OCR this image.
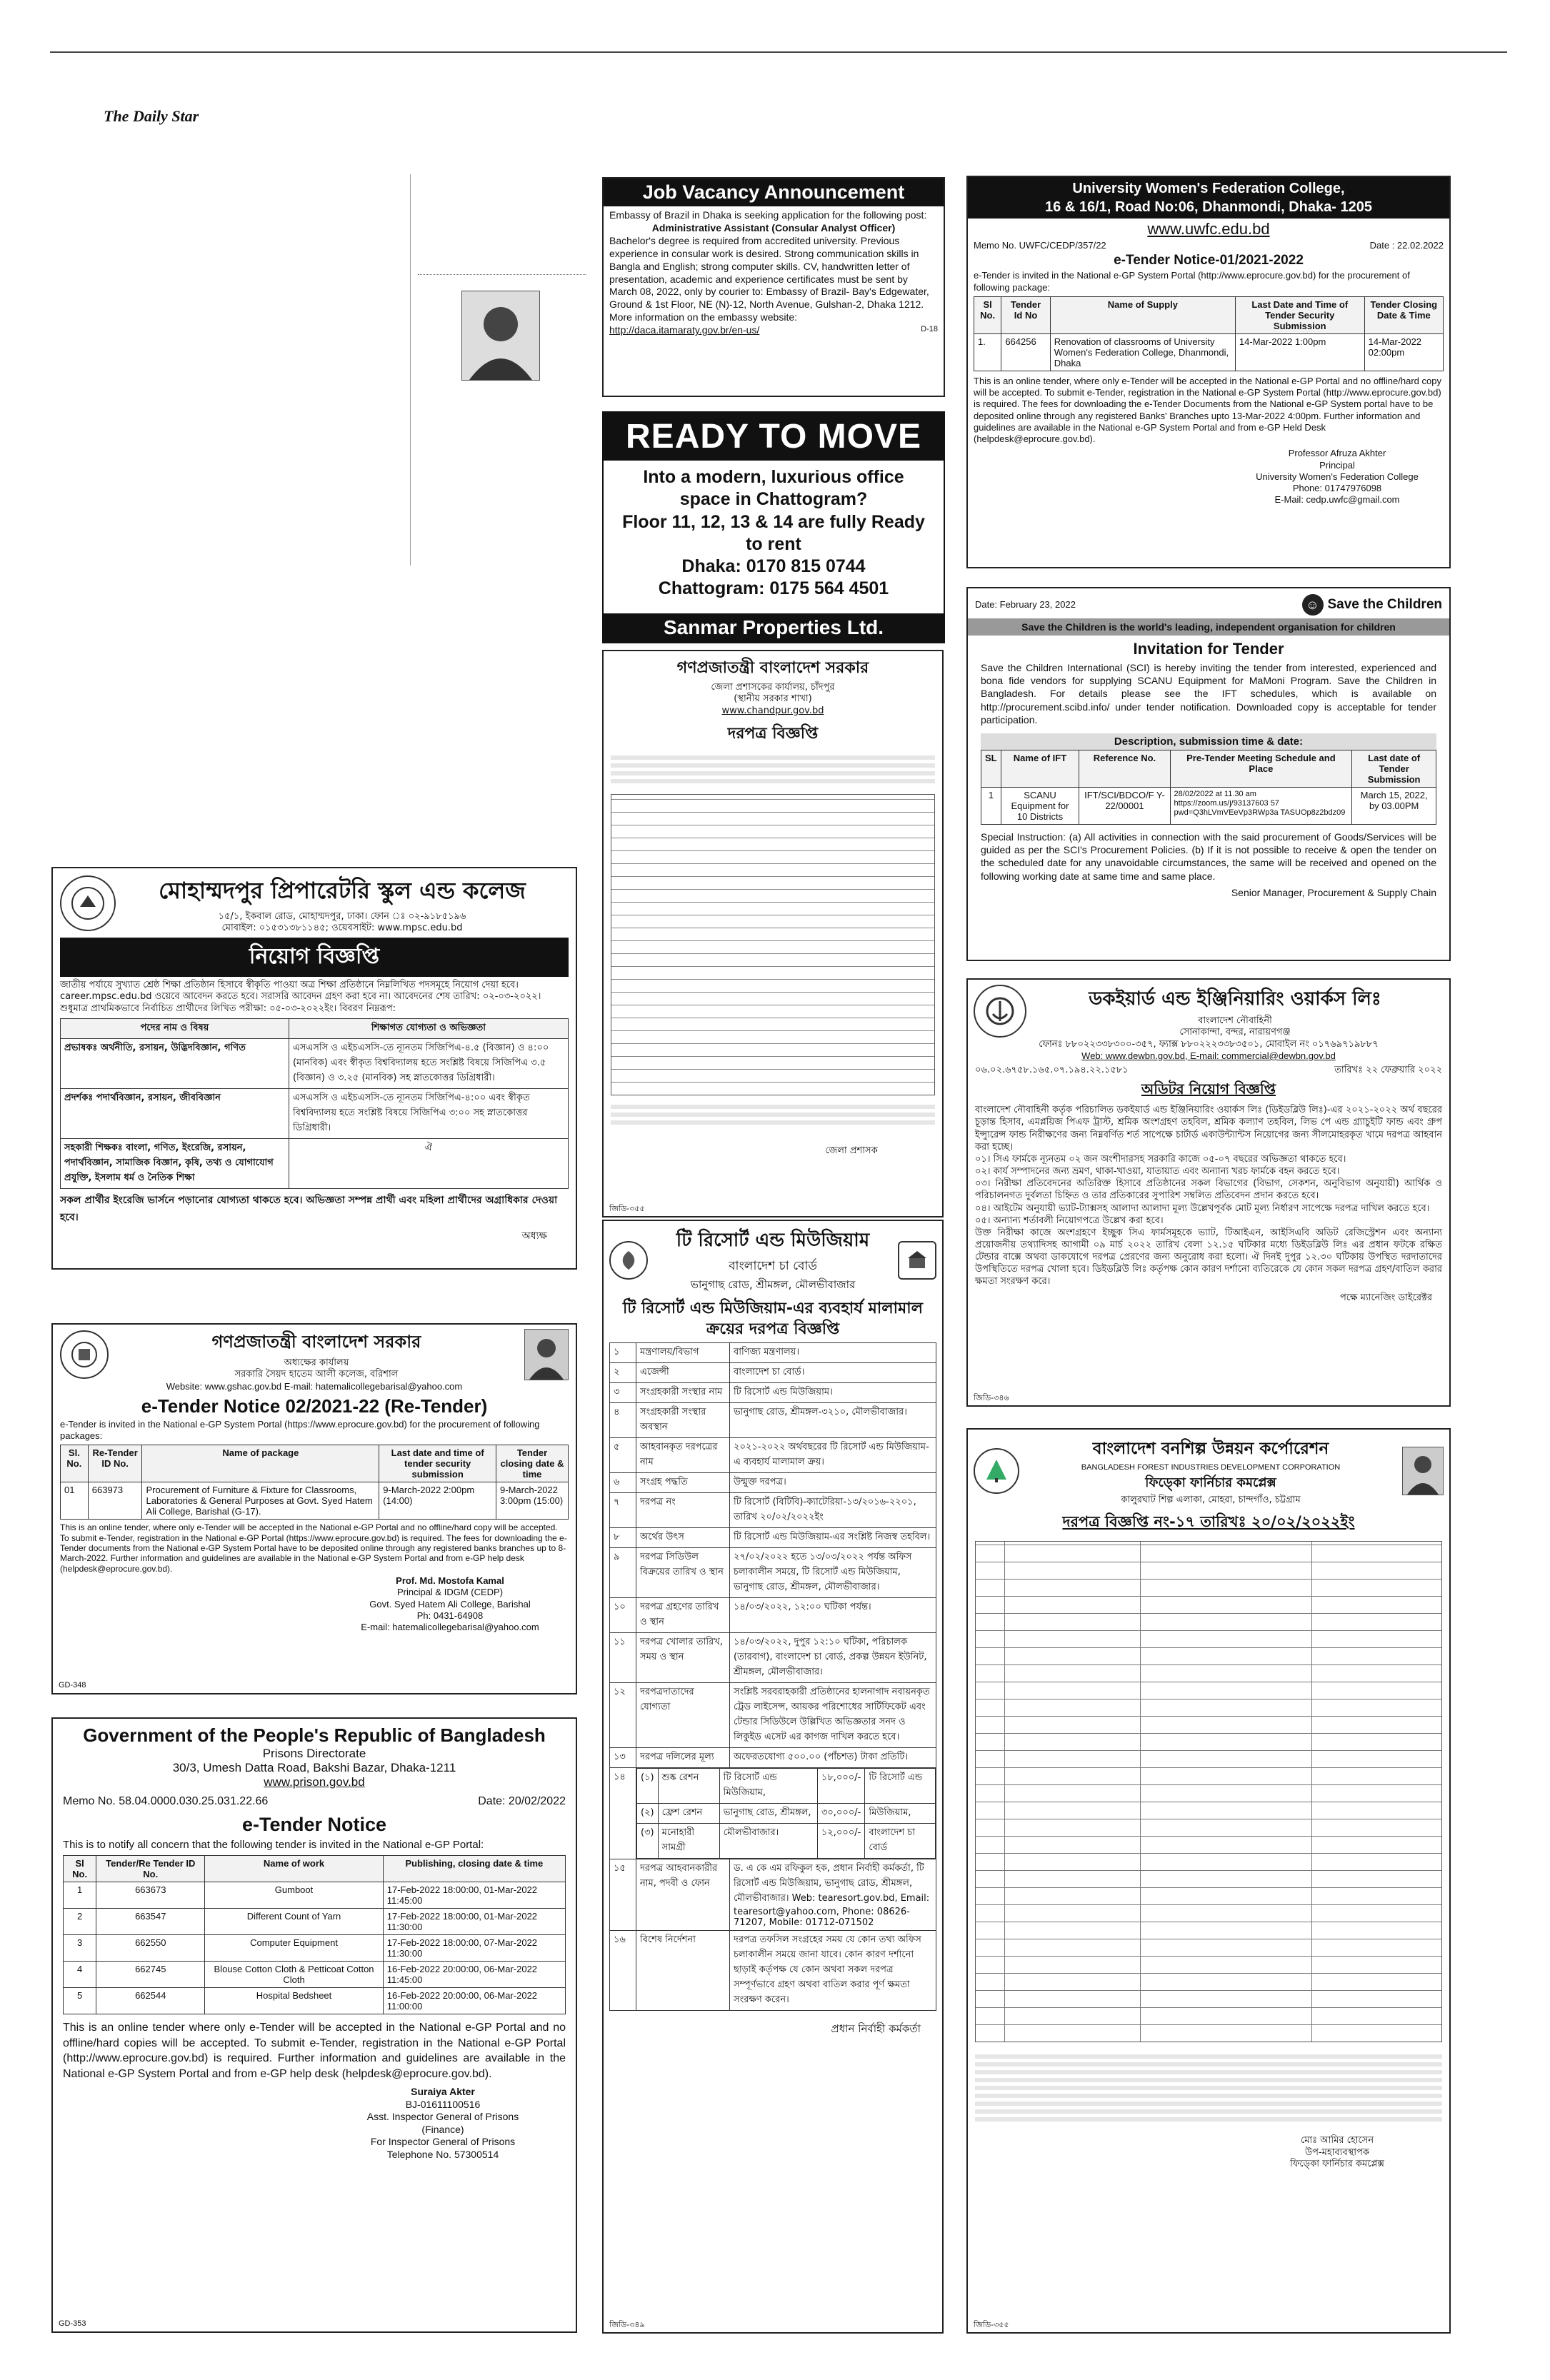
The Daily Star
Job Vacancy Announcement
Embassy of Brazil in Dhaka is seeking application for the following post:
Administrative Assistant (Consular Analyst Officer)
Bachelor's degree is required from accredited university. Previous experience in consular work is desired. Strong communication skills in Bangla and English; strong computer skills. CV, handwritten letter of presentation, academic and experience certificates must be sent by March 08, 2022, only by courier to: Embassy of Brazil- Bay's Edgewater, Ground & 1st Floor, NE (N)-12, North Avenue, Gulshan-2, Dhaka 1212.
More information on the embassy website:
http://daca.itamaraty.gov.br/en-us/	D-18
READY TO MOVE
Into a modern, luxurious office space in Chattogram?
Floor 11, 12, 13 & 14 are fully Ready to rent
Dhaka: 0170 815 0744
Chattogram: 0175 564 4501
Sanmar Properties Ltd.
University Women's Federation College,
16 & 16/1, Road No:06, Dhanmondi, Dhaka- 1205
www.uwfc.edu.bd
Memo No. UWFC/CEDP/357/22	Date : 22.02.2022
e-Tender Notice-01/2021-2022
e-Tender is invited in the National e-GP System Portal (http://www.eprocure.gov.bd) for the procurement of following package:
Sl No.	Tender Id No	Name of Supply	Last Date and Time of Tender Security Submission	Tender Closing Date & Time
1.	664256	Renovation of classrooms of University Women's Federation College, Dhanmondi, Dhaka	14-Mar-2022 1:00pm	14-Mar-2022 02:00pm
This is an online tender, where only e-Tender will be accepted in the National e-GP Portal and no offline/hard copy will be accepted. To submit e-Tender, registration in the National e-GP System Portal (http://www.eprocure.gov.bd) is required. The fees for downloading the e-Tender Documents from the National e-GP System portal have to be deposited online through any registered Banks' Branches upto 13-Mar-2022 4:00pm. Further information and guidelines are available in the National e-GP System Portal and from e-GP Held Desk (helpdesk@eprocure.gov.bd).
Professor Afruza Akhter
Principal
University Women's Federation College
Phone: 01747976098
E-Mail: cedp.uwfc@gmail.com
Date: February 23, 2022	☺ Save the Children
Save the Children is the world's leading, independent organisation for children
Invitation for Tender
Save the Children International (SCI) is hereby inviting the tender from interested, experienced and bona fide vendors for supplying SCANU Equipment for MaMoni Program. Save the Children in Bangladesh. For details please see the IFT schedules, which is available on http://procurement.scibd.info/ under tender notification. Downloaded copy is acceptable for tender participation.
Description, submission time & date:
SL	Name of IFT	Reference No.	Pre-Tender Meeting Schedule and Place	Last date of Tender Submission
1	SCANU Equipment for 10 Districts	IFT/SCI/BDCO/F Y-22/00001	28/02/2022 at 11.30 am https://zoom.us/j/93137603 57 pwd=Q3hLVmVEeVp3RWp3a TASUOp8z2bdz09	March 15, 2022, by 03.00PM
Special Instruction: (a) All activities in connection with the said procurement of Goods/Services will be guided as per the SCI's Procurement Policies. (b) If it is not possible to receive & open the tender on the scheduled date for any unavoidable circumstances, the same will be received and opened on the following working date at same time and same place.
Senior Manager, Procurement & Supply Chain
মোহাম্মদপুর প্রিপারেটরি স্কুল এন্ড কলেজ
১৫/১, ইকবাল রোড, মোহাম্মদপুর, ঢাকা। ফোন ঃ ০২-৯১৮৫১৯৬
মোবাইল: ০১৫৩১৩৮১১৪৫; ওয়েবসাইট: www.mpsc.edu.bd
নিয়োগ বিজ্ঞপ্তি
জাতীয় পর্যায়ে সুখ্যাত শ্রেষ্ঠ শিক্ষা প্রতিষ্ঠান হিসাবে স্বীকৃতি পাওয়া অত্র শিক্ষা প্রতিষ্ঠানে নিম্নলিখিত পদসমূহে নিয়োগ দেয়া হবে। career.mpsc.edu.bd ওয়েবে আবেদন করতে হবে। সরাসরি আবেদন গ্রহণ করা হবে না। আবেদনের শেষ তারিখ: ০২-০৩-২০২২। শুধুমাত্র প্রাথমিকভাবে নির্বাচিত প্রার্থীদের লিখিত পরীক্ষা: ০৫-০৩-২০২২ইং। বিবরণ নিম্নরূপ:
পদের নাম ও বিষয়	শিক্ষাগত যোগ্যতা ও অভিজ্ঞতা
প্রভাষকঃ অর্থনীতি, রসায়ন, উদ্ভিদবিজ্ঞান, গণিত	এসএসসি ও এইচএসসি-তে ন্যূনতম সিজিপিএ-৪.৫ (বিজ্ঞান) ও ৪:০০ (মানবিক) এবং স্বীকৃত বিশ্ববিদ্যালয় হতে সংশ্লিষ্ট বিষয়ে সিজিপিএ ৩.৫ (বিজ্ঞান) ও ৩.২৫ (মানবিক) সহ স্নাতকোত্তর ডিগ্রিধারী।
প্রদর্শকঃ পদার্থবিজ্ঞান, রসায়ন, জীববিজ্ঞান	এসএসসি ও এইচএসসি-তে ন্যূনতম সিজিপিএ-৪:০০ এবং স্বীকৃত বিশ্ববিদ্যালয় হতে সংশ্লিষ্ট বিষয়ে সিজিপিএ ৩:০০ সহ স্নাতকোত্তর ডিগ্রিধারী।
সহকারী শিক্ষকঃ বাংলা, গণিত, ইংরেজি, রসায়ন, পদার্থবিজ্ঞান, সামাজিক বিজ্ঞান, কৃষি, তথ্য ও যোগাযোগ প্রযুক্তি, ইসলাম ধর্ম ও নৈতিক শিক্ষা	ঐ
সকল প্রার্থীর ইংরেজি ভার্সনে পড়ানোর যোগ্যতা থাকতে হবে। অভিজ্ঞতা সম্পন্ন প্রার্থী এবং মহিলা প্রার্থীদের অগ্রাধিকার দেওয়া হবে।
অধ্যক্ষ
গণপ্রজাতন্ত্রী বাংলাদেশ সরকার
অধ্যক্ষের কার্যালয়
সরকারি সৈয়দ হাতেম আলী কলেজ, বরিশাল
Website: www.gshac.gov.bd E-mail: hatemalicollegebarisal@yahoo.com
e-Tender Notice 02/2021-22 (Re-Tender)
e-Tender is invited in the National e-GP System Portal (https://www.eprocure.gov.bd) for the procurement of following packages:
Sl. No.	Re-Tender ID No.	Name of package	Last date and time of tender security submission	Tender closing date & time
01	663973	Procurement of Furniture & Fixture for Classrooms, Laboratories & General Purposes at Govt. Syed Hatem Ali College, Barishal (G-17).	9-March-2022 2:00pm (14:00)	9-March-2022 3:00pm (15:00)
This is an online tender, where only e-Tender will be accepted in the National e-GP Portal and no offline/hard copy will be accepted. To submit e-Tender, registration in the National e-GP Portal (https://www.eprocure.gov.bd) is required. The fees for downloading the e-Tender documents from the National e-GP System Portal have to be deposited online through any registered banks branches up to 8-March-2022. Further information and guidelines are available in the National e-GP System Portal and from e-GP help desk (helpdesk@eprocure.gov.bd).
Prof. Md. Mostofa Kamal
Principal & IDGM (CEDP)
Govt. Syed Hatem Ali College, Barishal
Ph: 0431-64908
E-mail: hatemalicollegebarisal@yahoo.com
GD-348
Government of the People's Republic of Bangladesh
Prisons Directorate
30/3, Umesh Datta Road, Bakshi Bazar, Dhaka-1211
www.prison.gov.bd
Memo No. 58.04.0000.030.25.031.22.66	Date: 20/02/2022
e-Tender Notice
This is to notify all concern that the following tender is invited in the National e-GP Portal:
Sl No.	Tender/Re Tender ID No.	Name of work	Publishing, closing date & time
1	663673	Gumboot	17-Feb-2022 18:00:00, 01-Mar-2022 11:45:00
2	663547	Different Count of Yarn	17-Feb-2022 18:00:00, 01-Mar-2022 11:30:00
3	662550	Computer Equipment	17-Feb-2022 18:00:00, 07-Mar-2022 11:30:00
4	662745	Blouse Cotton Cloth & Petticoat Cotton Cloth	16-Feb-2022 20:00:00, 06-Mar-2022 11:45:00
5	662544	Hospital Bedsheet	16-Feb-2022 20:00:00, 06-Mar-2022 11:00:00
This is an online tender where only e-Tender will be accepted in the National e-GP Portal and no offline/hard copies will be accepted. To submit e-Tender, registration in the National e-GP Portal (http://www.eprocure.gov.bd) is required. Further information and guidelines are available in the National e-GP System Portal and from e-GP help desk (helpdesk@eprocure.gov.bd).
Suraiya Akter
BJ-01611100516
Asst. Inspector General of Prisons
(Finance)
For Inspector General of Prisons
Telephone No. 57300514
GD-353
গণপ্রজাতন্ত্রী বাংলাদেশ সরকার
জেলা প্রশাসকের কার্যালয়, চাঁদপুর
(স্থানীয় সরকার শাখা)
www.chandpur.gov.bd
দরপত্র বিজ্ঞপ্তি
জেলা প্রশাসক
জিডি-৩৫৫
টি রিসোর্ট এন্ড মিউজিয়াম
বাংলাদেশ চা বোর্ড
ভানুগাছ রোড, শ্রীমঙ্গল, মৌলভীবাজার
টি রিসোর্ট এন্ড মিউজিয়াম-এর ব্যবহার্য মালামাল ক্রয়ের দরপত্র বিজ্ঞপ্তি
১	মন্ত্রণালয়/বিভাগ	বাণিজ্য মন্ত্রণালয়।
২	এজেন্সী	বাংলাদেশ চা বোর্ড।
৩	সংগ্রহকারী সংস্থার নাম	টি রিসোর্ট এন্ড মিউজিয়াম।
৪	সংগ্রহকারী সংস্থার অবস্থান	ভানুগাছ রোড, শ্রীমঙ্গল-৩২১০, মৌলভীবাজার।
৫	আহবানকৃত দরপত্রের নাম	২০২১-২০২২ অর্থবছরের টি রিসোর্ট এন্ড মিউজিয়াম-এ ব্যবহার্য মালামাল ক্রয়।
৬	সংগ্রহ পদ্ধতি	উন্মুক্ত দরপত্র।
৭	দরপত্র নং	টি রিসোর্ট (বিটিবি)-ক্যাটেরিয়া-১৩/২০১৬-২২০১, তারিখ ২০/০২/২০২২ইং
৮	অর্থের উৎস	টি রিসোর্ট এন্ড মিউজিয়াম-এর সংশ্লিষ্ট নিজস্ব তহবিল।
৯	দরপত্র সিডিউল বিক্রয়ের তারিখ ও স্থান	২৭/০২/২০২২ হতে ১৩/০৩/২০২২ পর্যন্ত অফিস চলাকালীন সময়ে, টি রিসোর্ট এন্ড মিউজিয়াম, ভানুগাছ রোড, শ্রীমঙ্গল, মৌলভীবাজার।
১০	দরপত্র গ্রহণের তারিখ ও স্থান	১৪/০৩/২০২২, ১২:০০ ঘটিকা পর্যন্ত।
১১	দরপত্র খোলার তারিখ, সময় ও স্থান	১৪/০৩/২০২২, দুপুর ১২:১০ ঘটিকা, পরিচালক (তারবাগ), বাংলাদেশ চা বোর্ড, প্রকল্প উন্নয়ন ইউনিট, শ্রীমঙ্গল, মৌলভীবাজার।
১২	দরপত্রদাতাদের যোগ্যতা	সংশ্লিষ্ট সরবরাহকারী প্রতিষ্ঠানের হালনাগাদ নবায়নকৃত ট্রেড লাইসেন্স, আয়কর পরিশোধের সার্টিফিকেট এবং টেন্ডার সিডিউলে উল্লিখিত অভিজ্ঞতার সনদ ও লিকুইড এসেট এর কাগজ দাখিল করতে হবে।
১৩	দরপত্র দলিলের মূল্য	অফেরতযোগ্য ৫০০.০০ (পাঁচশত) টাকা প্রতিটি।
১৪	(১)	শুষ্ক রেশন	টি রিসোর্ট এন্ড মিউজিয়াম,	১৮,০০০/-	টি রিসোর্ট এন্ড
(২)	ফ্রেশ রেশন	ভানুগাছ রোড, শ্রীমঙ্গল,	৩০,০০০/-	মিউজিয়াম,
(৩)	মনোহারী সামগ্রী	মৌলভীবাজার।	১২,০০০/-	বাংলাদেশ চা বোর্ড

১৫	দরপত্র আহবানকারীর নাম, পদবী ও ফোন	ড. এ কে এম রফিকুল হক, প্রধান নির্বাহী কর্মকর্তা, টি রিসোর্ট এন্ড মিউজিয়াম, ভানুগাছ রোড, শ্রীমঙ্গল, মৌলভীবাজার। Web: tearesort.gov.bd, Email: tearesort@yahoo.com, Phone: 08626-71207, Mobile: 01712-071502
১৬	বিশেষ নির্দেশনা	দরপত্র তফসিল সংগ্রহের সময় যে কোন তথ্য অফিস চলাকালীন সময়ে জানা যাবে। কোন কারণ দর্শানো ছাড়াই কর্তৃপক্ষ যে কোন অথবা সকল দরপত্র সম্পূর্ণভাবে গ্রহণ অথবা বাতিল করার পূর্ণ ক্ষমতা সংরক্ষণ করেন।
প্রধান নির্বাহী কর্মকর্তা
জিডি-৩৪৯
ডকইয়ার্ড এন্ড ইঞ্জিনিয়ারিং ওয়ার্কস লিঃ
বাংলাদেশ নৌবাহিনী
সোনাকান্দা, বন্দর, নারায়ণগঞ্জ
ফোনঃ ৮৮০২২৩৩৮৩০০-৩৫৭, ফ্যাক্স ৮৮০২২২৩৩৮৩৫০১, মোবাইল নং ০১৭৬৯৭১৯৮৮৭
Web: www.dewbn.gov.bd, E-mail: commercial@dewbn.gov.bd
০৬.০২.৬৭৫৮.১৬৫.০৭.১৯৪.২২.১৫৮১	তারিখঃ ২২ ফেব্রুয়ারি ২০২২
অডিটর নিয়োগ বিজ্ঞপ্তি
বাংলাদেশ নৌবাহিনী কর্তৃক পরিচালিত ডকইয়ার্ড এন্ড ইঞ্জিনিয়ারিং ওয়ার্কস লিঃ (ডিইডব্লিউ লিঃ)-এর ২০২১-২০২২ অর্থ বছরের চূড়ান্ত হিসাব, এমপ্লয়িজ পিএফ ট্রাস্ট, শ্রমিক অংশগ্রহণ তহবিল, শ্রমিক কল্যাণ তহবিল, লিভ পে এন্ড গ্র্যাচুইটি ফান্ড এবং গ্রুপ ইন্স্যুরেন্স ফান্ড নিরীক্ষণের জন্য নিম্নবর্ণিত শর্ত সাপেক্ষে চার্টার্ড একাউন্ট্যান্টস নিয়োগের জন্য সীলমোহরকৃত খামে দরপত্র আহবান করা হচ্ছে।
০১। সিএ ফার্মকে ন্যূনতম ০২ জন অংশীদারসহ সরকারি কাজে ০৫-০৭ বছরের অভিজ্ঞতা থাকতে হবে।
০২। কার্য সম্পাদনের জন্য ভ্রমণ, থাকা-খাওয়া, যাতায়াত এবং অন্যান্য খরচ ফার্মকে বহন করতে হবে।
০৩। নিরীক্ষা প্রতিবেদনের অতিরিক্ত হিসাবে প্রতিষ্ঠানের সকল বিভাগের (বিভাগ, সেকশন, অনুবিভাগ অনুযায়ী) আর্থিক ও পরিচালনগত দুর্বলতা চিহ্নিত ও তার প্রতিকারের সুপারিশ সম্বলিত প্রতিবেদন প্রদান করতে হবে।
০৪। আইটেম অনুযায়ী ভ্যাট-ট্যাক্সসহ আলাদা আলাদা মূল্য উল্লেখপূর্বক মোট মূল্য নির্ধারণ সাপেক্ষে দরপত্র দাখিল করতে হবে।
০৫। অন্যান্য শর্তাবলী নিয়োগপত্রে উল্লেখ করা হবে।
উক্ত নিরীক্ষা কাজে অংশগ্রহণে ইচ্ছুক সিএ ফার্মসমূহকে ভ্যাট, টিআইএন, আইসিএবি অডিট রেজিস্ট্রেশন এবং অন্যান্য প্রয়োজনীয় তথ্যাদিসহ আগামী ০৯ মার্চ ২০২২ তারিখ বেলা ১২.১৫ ঘটিকার মধ্যে ডিইডব্লিউ লিঃ এর প্রধান ফটকে রক্ষিত টেন্ডার বাক্সে অথবা ডাকযোগে দরপত্র প্রেরণের জন্য অনুরোধ করা হলো। ঐ দিনই দুপুর ১২.৩০ ঘটিকায় উপস্থিত দরদাতাদের উপস্থিতিতে দরপত্র খোলা হবে। ডিইডব্লিউ লিঃ কর্তৃপক্ষ কোন কারণ দর্শানো ব্যতিরেকে যে কোন সকল দরপত্র গ্রহণ/বাতিল করার ক্ষমতা সংরক্ষণ করে।
পক্ষে ম্যানেজিং ডাইরেক্টর
জিডি-৩৪৬
বাংলাদেশ বনশিল্প উন্নয়ন কর্পোরেশন
BANGLADESH FOREST INDUSTRIES DEVELOPMENT CORPORATION
ফিড্কো ফার্নিচার কমপ্লেক্স
কালুরঘাট শিল্প এলাকা, মোহরা, চান্দগাঁও, চট্টগ্রাম
দরপত্র বিজ্ঞপ্তি নং-১৭ তারিখঃ ২০/০২/২০২২ইং
মোঃ আমির হোসেন
উপ-মহাব্যবস্থাপক
ফিড্কো ফার্নিচার কমপ্লেক্স
জিডি-৩৫৫
